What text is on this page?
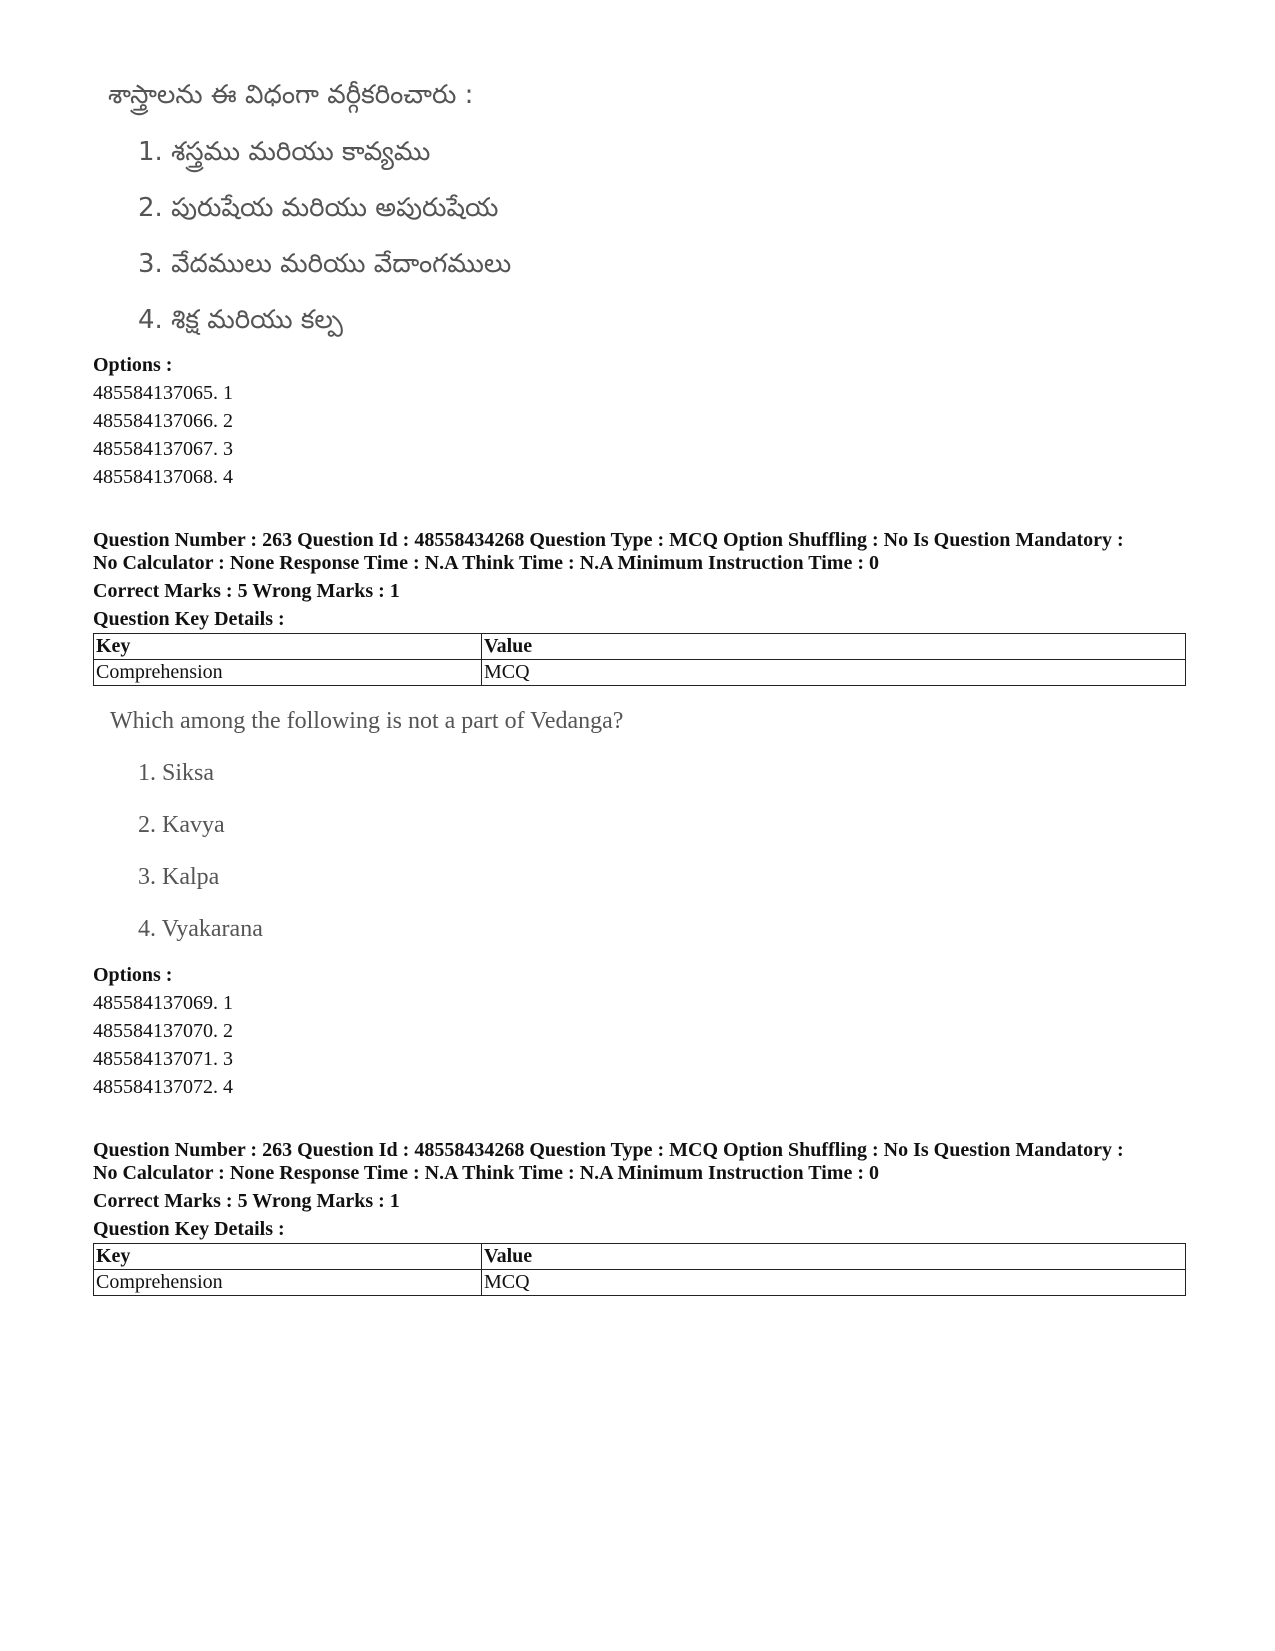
శాస్త్రాలను ఈ విధంగా వర్గీకరించారు :
1. శస్త్రము మరియు కావ్యము
2. పురుషేయ మరియు అపురుషేయ
3. వేదములు మరియు వేదాంగములు
4. శిక్ష మరియు కల్ప
Options :
485584137065. 1
485584137066. 2
485584137067. 3
485584137068. 4
Question Number : 263 Question Id : 48558434268 Question Type : MCQ Option Shuffling : No Is Question Mandatory :
No Calculator : None Response Time : N.A Think Time : N.A Minimum Instruction Time : 0
Correct Marks : 5 Wrong Marks : 1
Question Key Details :
Key	Value
Comprehension	MCQ
Which among the following is not a part of Vedanga?
1. Siksa
2. Kavya
3. Kalpa
4. Vyakarana
Options :
485584137069. 1
485584137070. 2
485584137071. 3
485584137072. 4
Question Number : 263 Question Id : 48558434268 Question Type : MCQ Option Shuffling : No Is Question Mandatory :
No Calculator : None Response Time : N.A Think Time : N.A Minimum Instruction Time : 0
Correct Marks : 5 Wrong Marks : 1
Question Key Details :
Key	Value
Comprehension	MCQ
